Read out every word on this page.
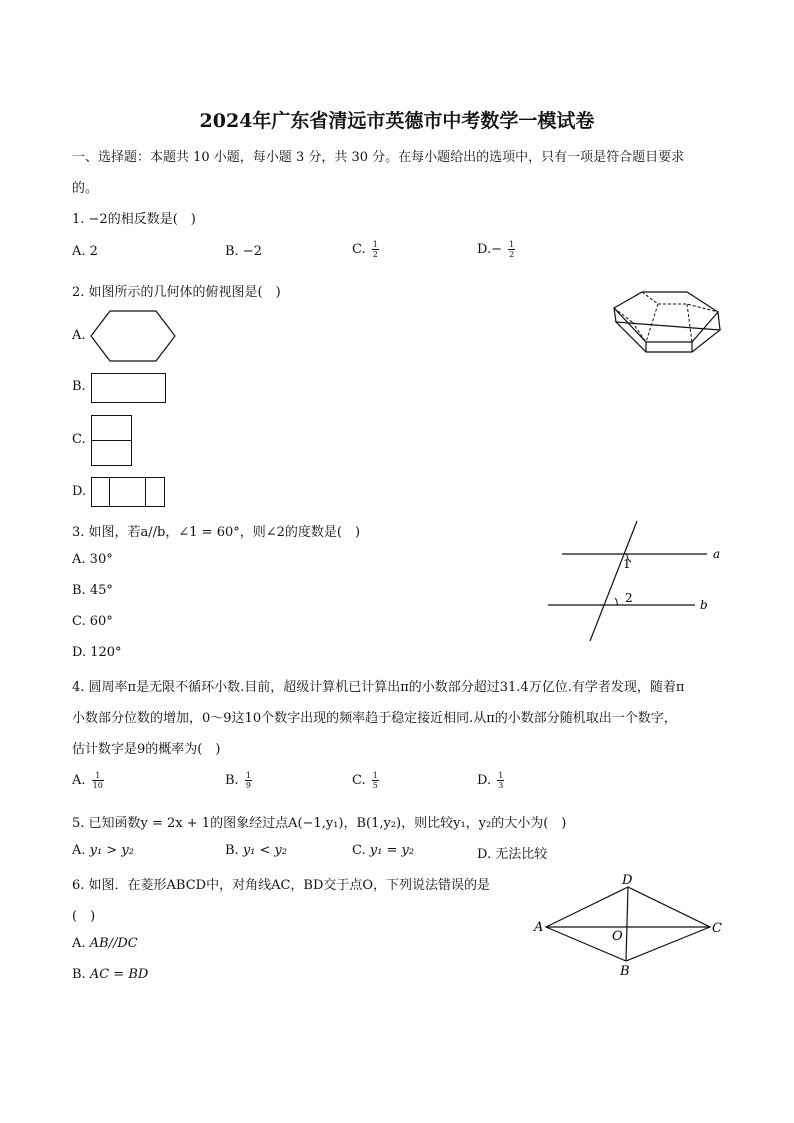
2024年广东省清远市英德市中考数学一模试卷
一、选择题：本题共 10 小题，每小题 3 分，共 30 分。在每小题给出的选项中，只有一项是符合题目要求
的。
1. −2的相反数是(　)
A. 2	B. −2	C. $\frac{1}{2}$	$D.- \frac{1}{2}$
2. 如图所示的几何体的俯视图是(　)
A.
B.
C.
D.
3. 如图，若a//b，∠1 = 60°，则∠2的度数是(　)
A. 30°
B. 45°
C. 60°
D. 120°
1
2
a
b
4. 圆周率π是无限不循环小数.目前，超级计算机已计算出π的小数部分超过31.4万亿位.有学者发现，随着π
小数部分位数的增加，0～9这10个数字出现的频率趋于稳定接近相同.从π的小数部分随机取出一个数字，
估计数字是9的概率为(　)
A. $\frac{1}{10}$	B. $\frac{1}{9}$	C. $\frac{1}{5}$	D. $\frac{1}{3}$
5. 已知函数y = 2x + 1的图象经过点A(−1,y₁)，B(1,y₂)，则比较y₁，y₂的大小为(　)
A. y₁ > y₂	B. y₁ < y₂	C. y₁ = y₂	D. 无法比较
6. 如图．在菱形ABCD中，对角线AC，BD交于点O，下列说法错误的是
(　)
A. AB//DC
B. AC = BD
D
A	C
B
O
